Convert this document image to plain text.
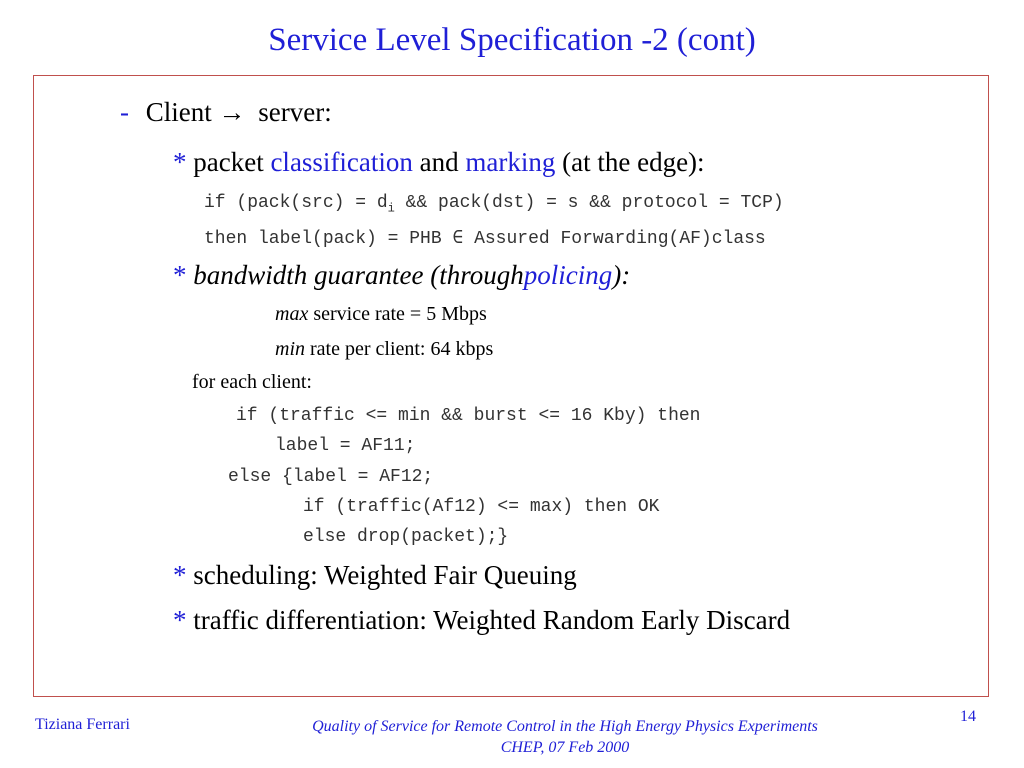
Service Level Specification -2 (cont)
- Client → server:
* packet classification and marking (at the edge):
if (pack(src) = $d_i$ && pack(dst) = s && protocol = TCP)
then label(pack) = PHB ∈ Assured Forwarding(AF)class
* bandwidth guarantee (throughpolicing):
max service rate = 5 Mbps
min rate per client: 64 kbps
for each client:
if (traffic <= min && burst <= 16 Kby) then
label = AF11;
else {label = AF12;
if (traffic(Af12) <= max) then OK
else drop(packet);}
* scheduling: Weighted Fair Queuing
* traffic differentiation: Weighted Random Early Discard
Tiziana Ferrari	Quality of Service for Remote Control in the High Energy Physics Experiments
CHEP, 07 Feb 2000
14
